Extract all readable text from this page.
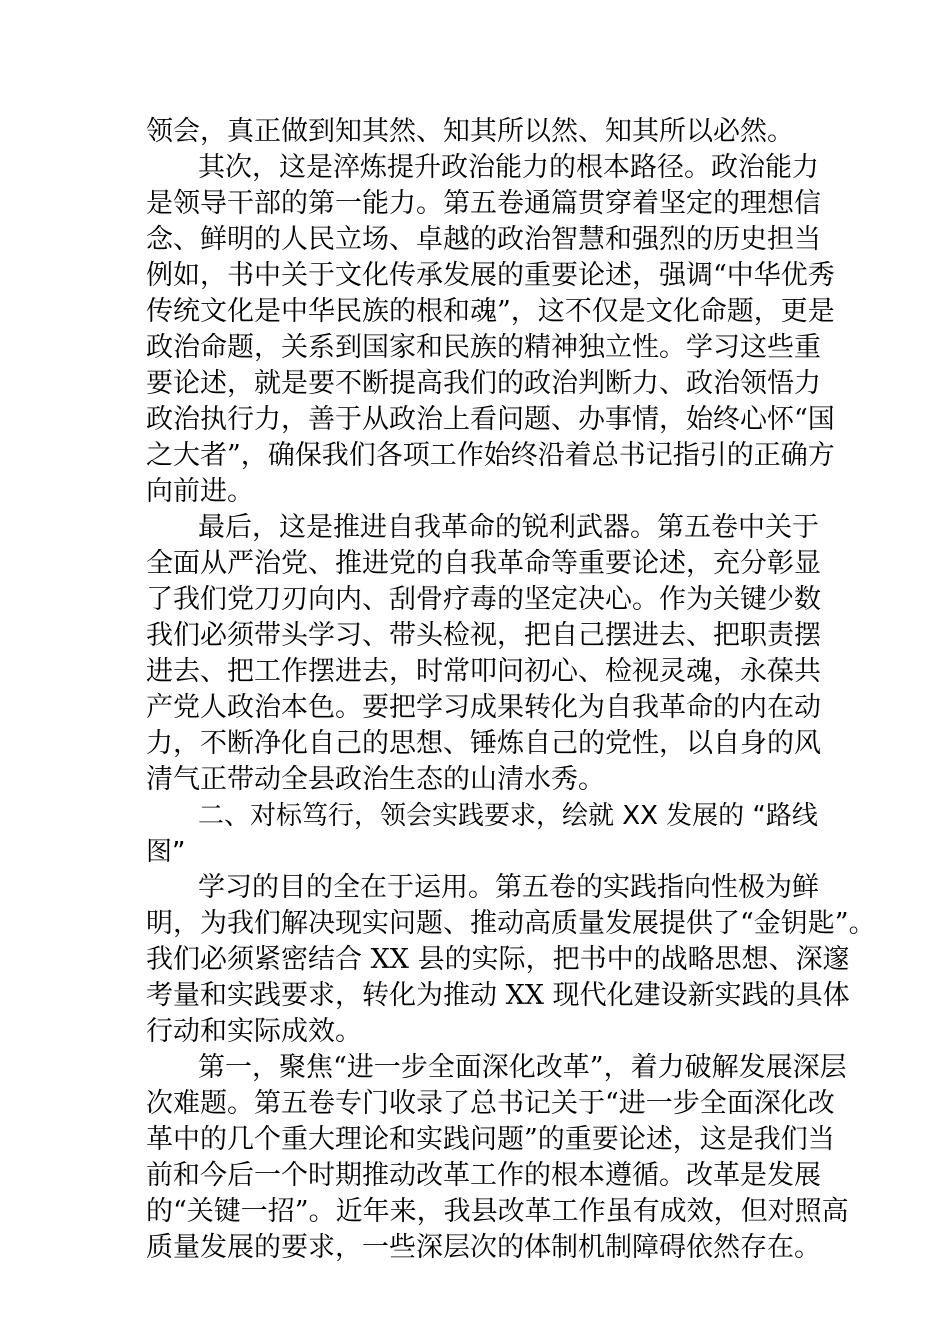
领会，真正做到知其然、知其所以然、知其所以必然。
其次，这是淬炼提升政治能力的根本路径。政治能力
是领导干部的第一能力。第五卷通篇贯穿着坚定的理想信
念、鲜明的人民立场、卓越的政治智慧和强烈的历史担当
例如，书中关于文化传承发展的重要论述，强调“中华优秀
传统文化是中华民族的根和魂”，这不仅是文化命题，更是
政治命题，关系到国家和民族的精神独立性。学习这些重
要论述，就是要不断提高我们的政治判断力、政治领悟力
政治执行力，善于从政治上看问题、办事情，始终心怀“国
之大者”，确保我们各项工作始终沿着总书记指引的正确方
向前进。
最后，这是推进自我革命的锐利武器。第五卷中关于
全面从严治党、推进党的自我革命等重要论述，充分彰显
了我们党刀刃向内、刮骨疗毒的坚定决心。作为关键少数
我们必须带头学习、带头检视，把自己摆进去、把职责摆
进去、把工作摆进去，时常叩问初心、检视灵魂，永葆共
产党人政治本色。要把学习成果转化为自我革命的内在动
力，不断净化自己的思想、锤炼自己的党性，以自身的风
清气正带动全县政治生态的山清水秀。
二、对标笃行，领会实践要求，绘就 XX 发展的 “路线
图”
学习的目的全在于运用。第五卷的实践指向性极为鲜
明，为我们解决现实问题、推动高质量发展提供了“金钥匙”。
我们必须紧密结合 XX 县的实际，把书中的战略思想、深邃
考量和实践要求，转化为推动 XX 现代化建设新实践的具体
行动和实际成效。
第一，聚焦“进一步全面深化改革”，着力破解发展深层
次难题。第五卷专门收录了总书记关于“进一步全面深化改
革中的几个重大理论和实践问题”的重要论述，这是我们当
前和今后一个时期推动改革工作的根本遵循。改革是发展
的“关键一招”。近年来，我县改革工作虽有成效，但对照高
质量发展的要求，一些深层次的体制机制障碍依然存在。
